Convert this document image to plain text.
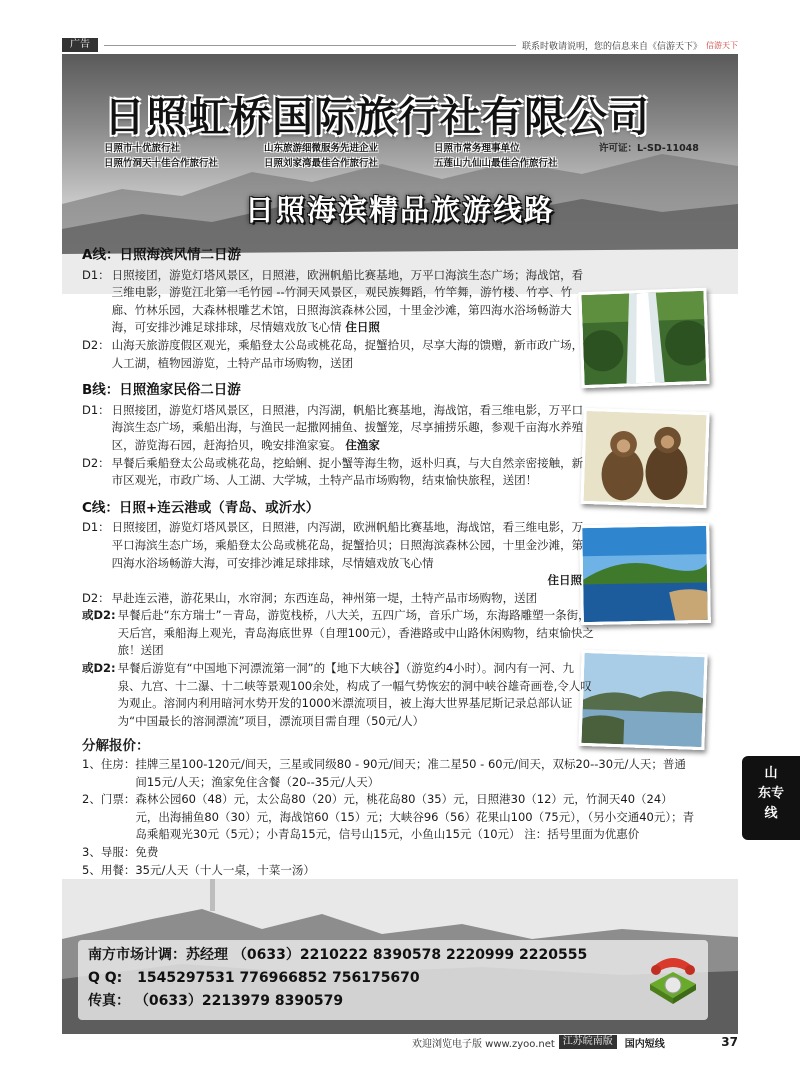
广告	联系时敬请说明，您的信息来自《信游天下》 信游天下
日照虹桥国际旅行社有限公司
日照市十优旅行社	山东旅游细微服务先进企业	日照市常务理事单位	许可证：L-SD-11048
日照竹洞天十佳合作旅行社	日照刘家湾最佳合作旅行社	五莲山九仙山最佳合作旅行社
日照海滨精品旅游线路
A线：日照海滨风情二日游
D1： 日照接团，游览灯塔风景区，日照港，欧洲帆船比赛基地，万平口海滨生态广场；海战馆，看三维电影，游览江北第一毛竹园 --竹洞天风景区，观民族舞蹈，竹竿舞，游竹楼、竹亭、竹廊、竹林乐园，大森林根雕艺术馆，日照海滨森林公园，十里金沙滩，第四海水浴场畅游大海，可安排沙滩足球排球，尽情嬉戏放飞心情 住日照
D2： 山海天旅游度假区观光，乘船登太公岛或桃花岛，捉蟹拾贝，尽享大海的馈赠，新市政广场，人工湖，植物园游览，土特产品市场购物，送团
B线：日照渔家民俗二日游
D1： 日照接团，游览灯塔风景区，日照港，内泻湖，帆船比赛基地，海战馆，看三维电影，万平口海滨生态广场，乘船出海，与渔民一起撒网捕鱼、拔蟹笼，尽享捕捞乐趣，参观千亩海水养殖区，游览海石园，赶海拾贝，晚安排渔家宴。 住渔家
D2： 早餐后乘船登太公岛或桃花岛，挖蛤蜊、捉小蟹等海生物，返朴归真，与大自然亲密接触，新市区观光，市政广场、人工湖、大学城，土特产品市场购物，结束愉快旅程，送团！
C线：日照+连云港或（青岛、或沂水）
D1： 日照接团，游览灯塔风景区，日照港，内泻湖，欧洲帆船比赛基地，海战馆，看三维电影，万平口海滨生态广场，乘船登太公岛或桃花岛，捉蟹拾贝；日照海滨森林公园，十里金沙滩，第四海水浴场畅游大海，可安排沙滩足球排球，尽情嬉戏放飞心情
住日照
D2： 早赴连云港，游花果山，水帘洞；东西连岛，神州第一堤，土特产品市场购物，送团
或D2: 早餐后赴“东方瑞士”－青岛，游览栈桥，八大关，五四广场，音乐广场，东海路雕塑一条街，天后宫，乘船海上观光，青岛海底世界（自理100元），香港路或中山路休闲购物，结束愉快之旅！送团
或D2: 早餐后游览有“中国地下河漂流第一洞”的【地下大峡谷】（游览约4小时）。洞内有一河、九泉、九宫、十二瀑、十二峡等景观100余处，构成了一幅气势恢宏的洞中峡谷雄奇画卷,令人叹为观止。溶洞内利用暗河水势开发的1000米漂流项目，被上海大世界基尼斯记录总部认证为“中国最长的溶洞漂流”项目，漂流项目需自理（50元/人）
分解报价：
1、住房： 挂牌三星100-120元/间天，三星或同级80 - 90元/间天；准二星50 - 60元/间天，双标20--30元/人天；普通间15元/人天；渔家免住含餐（20--35元/人天）
2、门票： 森林公园60（48）元，太公岛80（20）元，桃花岛80（35）元，日照港30（12）元，竹洞天40（24）元，出海捕鱼80（30）元，海战馆60（15）元；大峡谷96（56）花果山100（75元），（另小交通40元）；青岛乘船观光30元（5元）；小青岛15元，信号山15元，小鱼山15元（10元） 注：括号里面为优惠价
3、导服： 免费
5、用餐： 35元/人天（十人一桌，十菜一汤）
南方市场计调：苏经理 （0633）2210222 8390578 2220999 2220555
Q Q: 1545297531 776966852 756175670
传真： （0633）2213979 8390579
欢迎浏览电子版 www.zyoo.net 江苏皖南版	国内短线	37
山
东专
线
